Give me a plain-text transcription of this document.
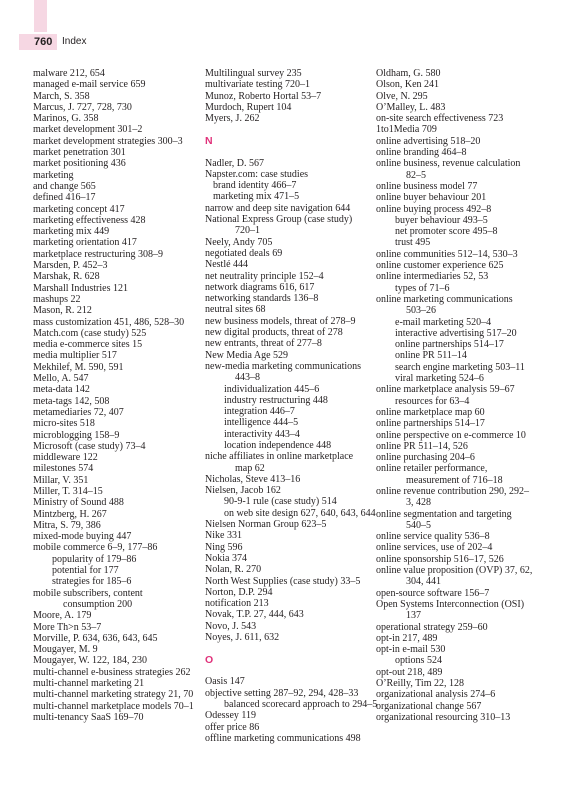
760 Index

malware 212, 654

managed e-mail service 659

March, S. 358

Marcus, J. 727, 728, 730

Marinos, G. 358

market development 301–2

market development strategies 300–3

market penetration 301

market positioning 436

marketing

and change 565

defined 416–17

marketing concept 417

marketing effectiveness 428

marketing mix 449

marketing orientation 417

marketplace restructuring 308–9

Marsden, P. 452–3

Marshak, R. 628

Marshall Industries 121

mashups 22

Mason, R. 212

mass customization 451, 486, 528–30

Match.com (case study) 525

media e-commerce sites 15

media multiplier 517

Mekhilef, M. 590, 591

Mello, A. 547

meta-data 142

meta-tags 142, 508

metamediaries 72, 407

micro-sites 518

microblogging 158–9

Microsoft (case study) 73–4

middleware 122

milestones 574

Millar, V. 351

Miller, T. 314–15

Ministry of Sound 488

Mintzberg, H. 267

Mitra, S. 79, 386

mixed-mode buying 447

mobile commerce 6–9, 177–86

popularity of 179–86

potential for 177

strategies for 185–6

mobile subscribers, content

consumption 200

Moore, A. 179

More Th>n 53–7

Morville, P. 634, 636, 643, 645

Mougayer, M. 9

Mougayer, W. 122, 184, 230

multi-channel e-business strategies 262

multi-channel marketing 21

multi-channel marketing strategy 21, 70

multi-channel marketplace models 70–1

multi-tenancy SaaS 169–70

Multilingual survey 235

multivariate testing 720–1

Munoz, Roberto Hortal 53–7

Murdoch, Rupert 104

Myers, J. 262

N

Nadler, D. 567

Napster.com: case studies

brand identity 466–7

marketing mix 471–5

narrow and deep site navigation 644

National Express Group (case study)

720–1

Neely, Andy 705

negotiated deals 69

Nestlé 444

net neutrality principle 152–4

network diagrams 616, 617

networking standards 136–8

neutral sites 68

new business models, threat of 278–9

new digital products, threat of 278

new entrants, threat of 277–8

New Media Age 529

new-media marketing communications

443–8

individualization 445–6

industry restructuring 448

integration 446–7

intelligence 444–5

interactivity 443–4

location independence 448

niche affiliates in online marketplace

map 62

Nicholas, Steve 413–16

Nielsen, Jacob 162

90-9-1 rule (case study) 514

on web site design 627, 640, 643, 644

Nielsen Norman Group 623–5

Nike 331

Ning 596

Nokia 374

Nolan, R. 270

North West Supplies (case study) 33–5

Norton, D.P. 294

notification 213

Novak, T.P. 27, 444, 643

Novo, J. 543

Noyes, J. 611, 632

O

Oasis 147

objective setting 287–92, 294, 428–33

balanced scorecard approach to 294–5

Odessey 119

offer price 86

offline marketing communications 498

Oldham, G. 580

Olson, Ken 241

Olve, N. 295

O’Malley, L. 483

on-site search effectiveness 723

1to1Media 709

online advertising 518–20

online branding 464–8

online business, revenue calculation

82–5

online business model 77

online buyer behaviour 201

online buying process 492–8

buyer behaviour 493–5

net promoter score 495–8

trust 495

online communities 512–14, 530–3

online customer experience 625

online intermediaries 52, 53

types of 71–6

online marketing communications

503–26

e-mail marketing 520–4

interactive advertising 517–20

online partnerships 514–17

online PR 511–14

search engine marketing 503–11

viral marketing 524–6

online marketplace analysis 59–67

resources for 63–4

online marketplace map 60

online partnerships 514–17

online perspective on e-commerce 10

online PR 511–14, 526

online purchasing 204–6

online retailer performance,

measurement of 716–18

online revenue contribution 290, 292–

3, 428

online segmentation and targeting

540–5

online service quality 536–8

online services, use of 202–4

online sponsorship 516–17, 526

online value proposition (OVP) 37, 62,

304, 441

open-source software 156–7

Open Systems Interconnection (OSI)

137

operational strategy 259–60

opt-in 217, 489

opt-in e-mail 530

options 524

opt-out 218, 489

O’Reilly, Tim 22, 128

organizational analysis 274–6

organizational change 567

organizational resourcing 310–13
